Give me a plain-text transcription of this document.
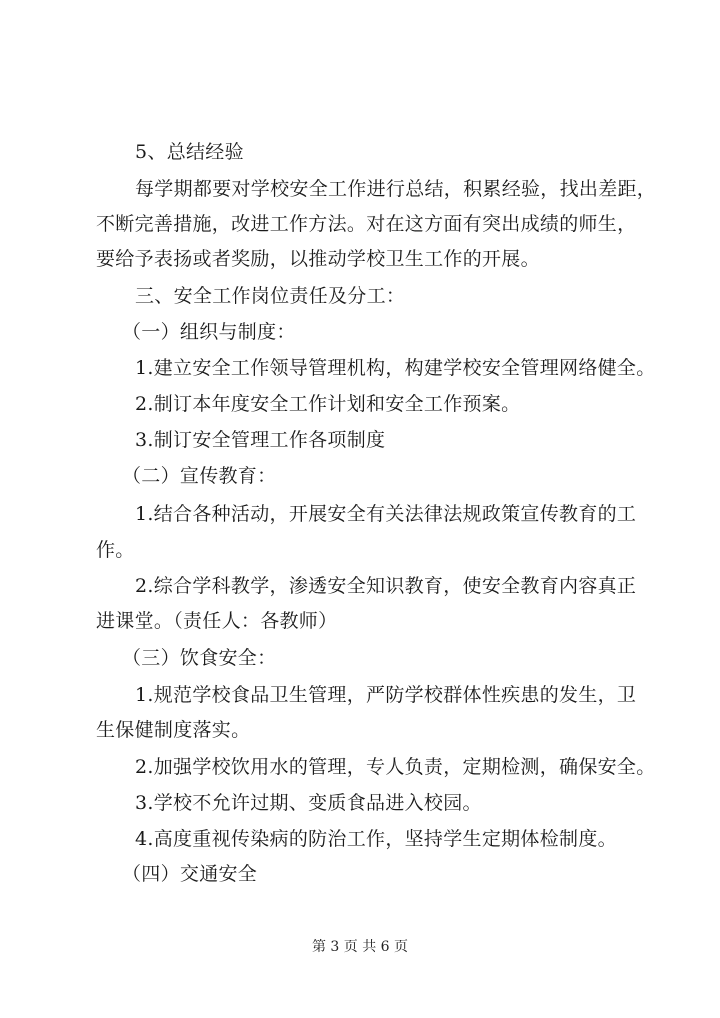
5、总结经验
每学期都要对学校安全工作进行总结，积累经验，找出差距，
不断完善措施，改进工作方法。对在这方面有突出成绩的师生，
要给予表扬或者奖励，以推动学校卫生工作的开展。
三、安全工作岗位责任及分工：
（一）组织与制度：
1.建立安全工作领导管理机构，构建学校安全管理网络健全。
2.制订本年度安全工作计划和安全工作预案。
3.制订安全管理工作各项制度
（二）宣传教育：
1.结合各种活动，开展安全有关法律法规政策宣传教育的工
作。
2.综合学科教学，渗透安全知识教育，使安全教育内容真正
进课堂。（责任人：各教师）
（三）饮食安全：
1.规范学校食品卫生管理，严防学校群体性疾患的发生，卫
生保健制度落实。
2.加强学校饮用水的管理，专人负责，定期检测，确保安全。
3.学校不允许过期、变质食品进入校园。
4.高度重视传染病的防治工作，坚持学生定期体检制度。
（四）交通安全
第 3 页 共 6 页
